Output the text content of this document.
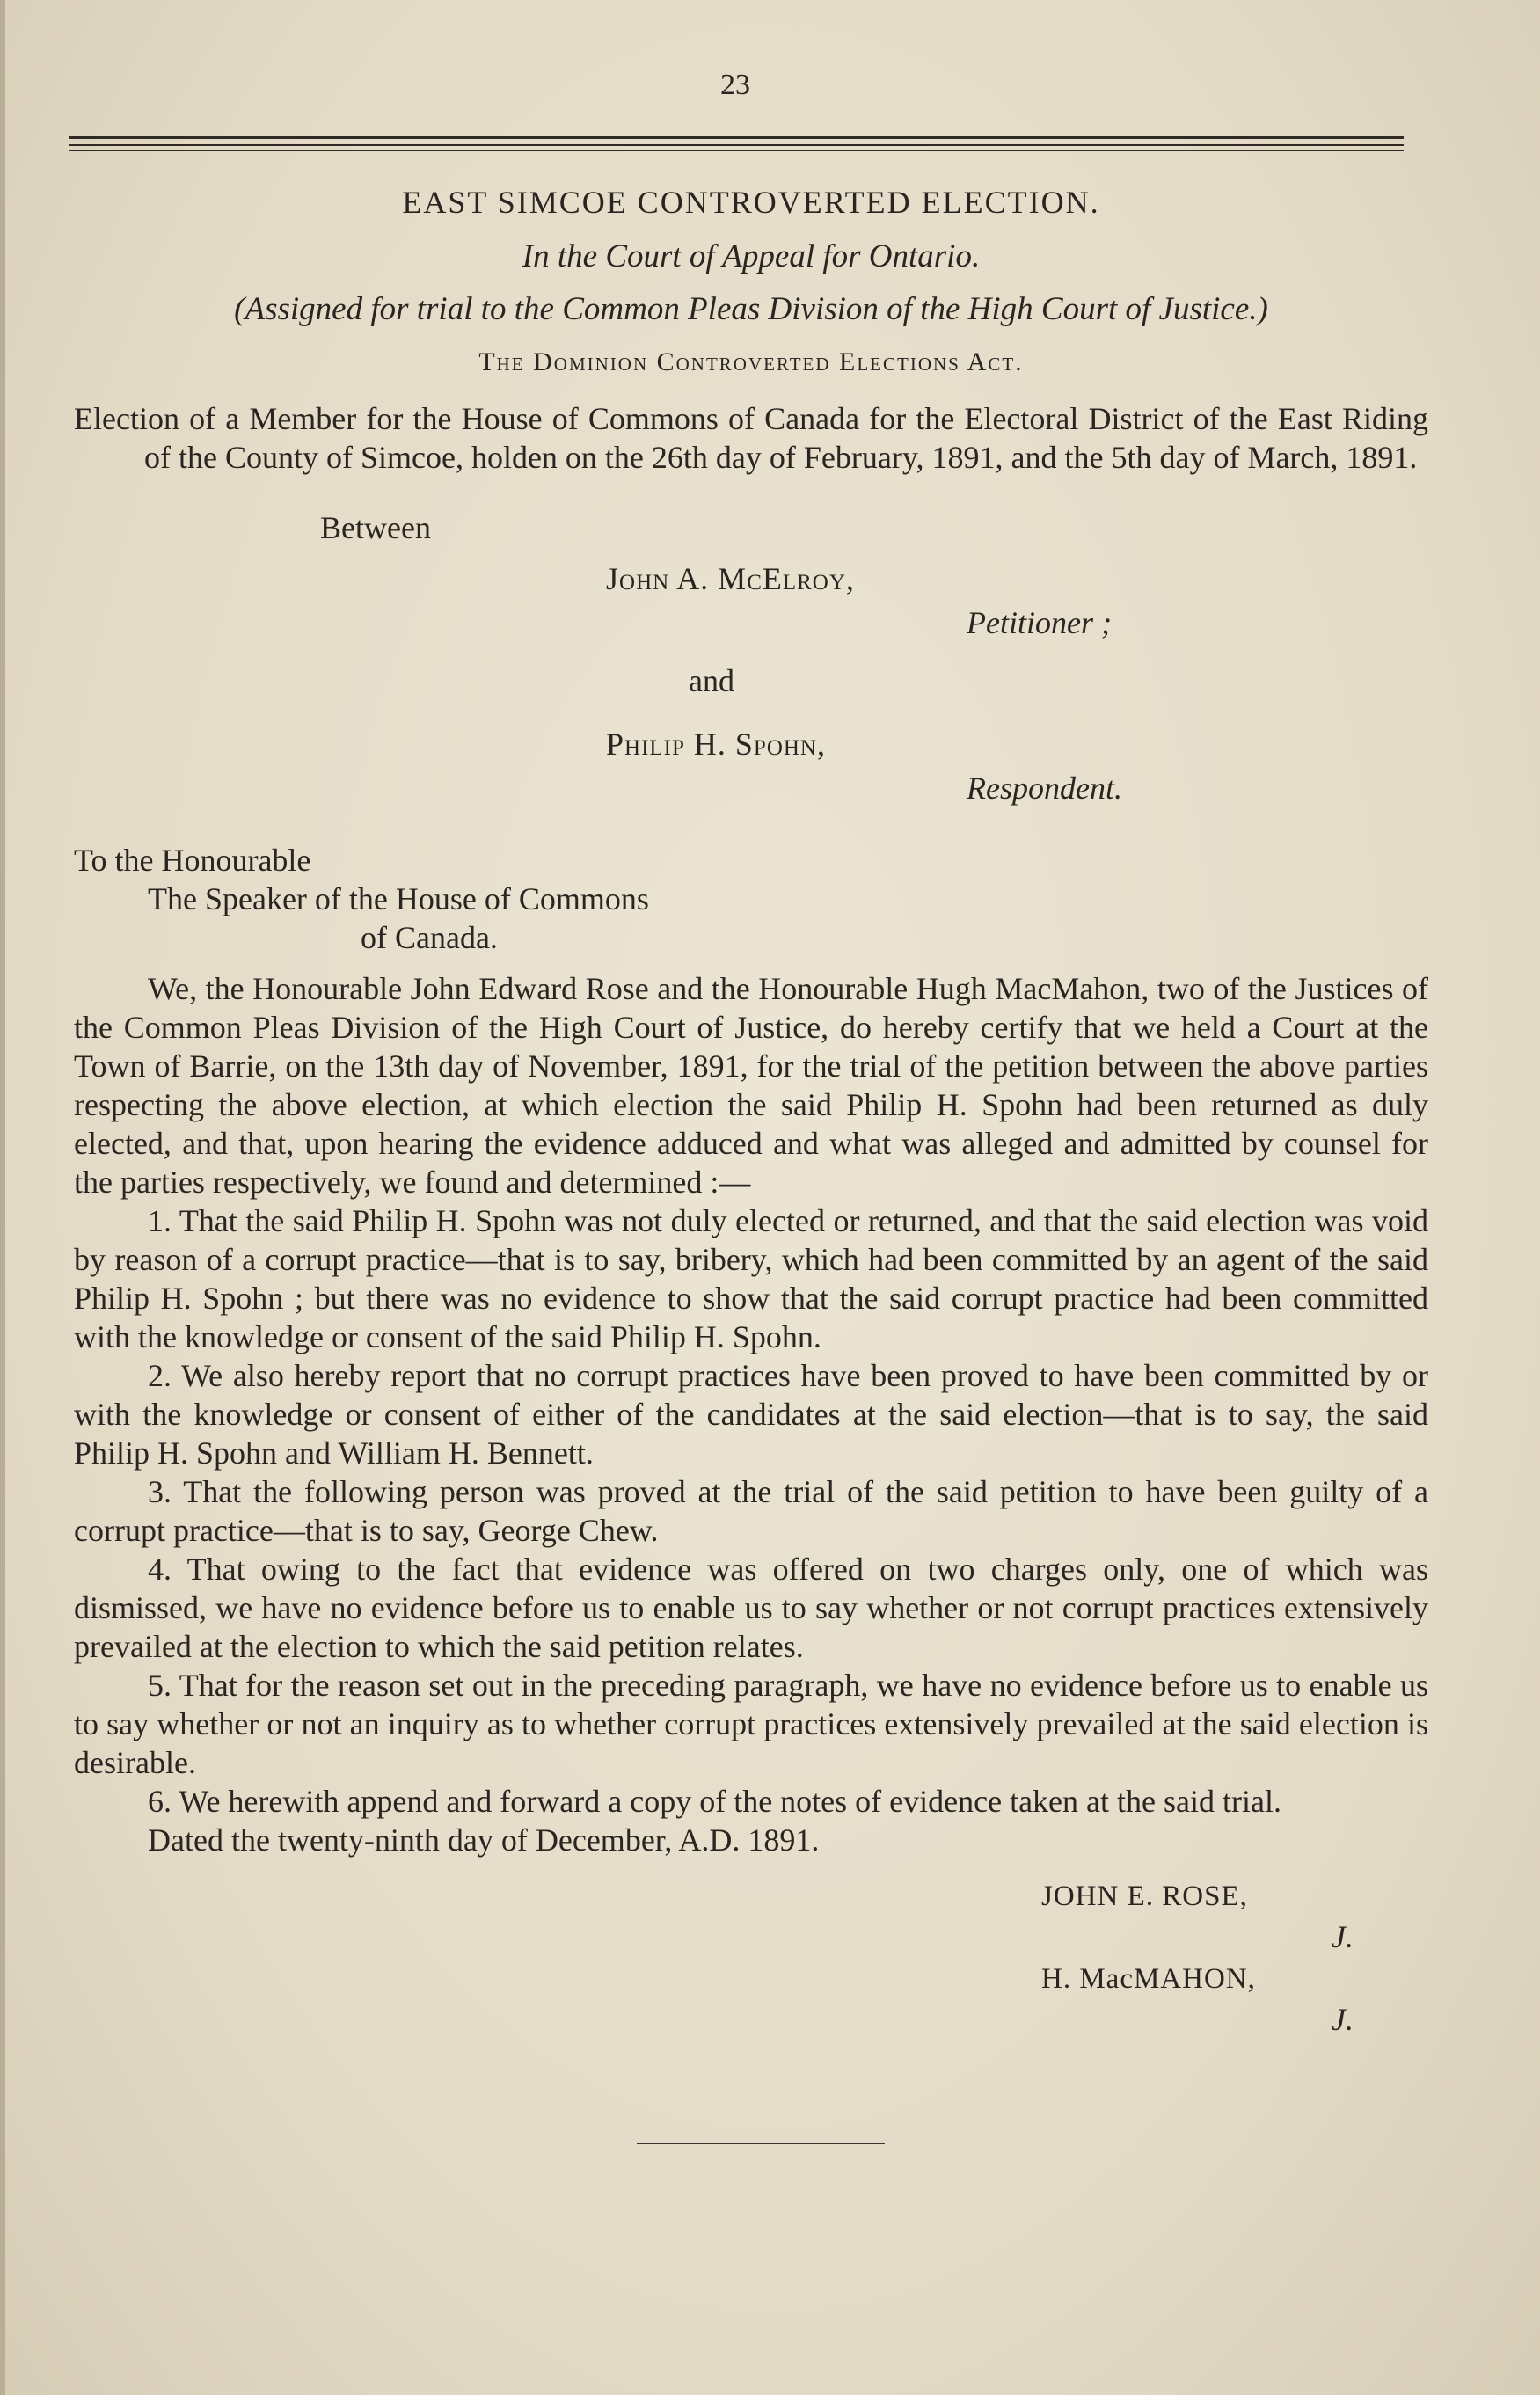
23
EAST SIMCOE CONTROVERTED ELECTION.
In the Court of Appeal for Ontario.
(Assigned for trial to the Common Pleas Division of the High Court of Justice.)
The Dominion Controverted Elections Act.

Election of a Member for the House of Commons of Canada for the Electoral District of the East Riding of the County of Simcoe, holden on the 26th day of February, 1891, and the 5th day of March, 1891.

Between
John A. McElroy,
Petitioner ;
and
Philip H. Spohn,
Respondent.
To the Honourable
The Speaker of the House of Commons
of Canada.

We, the Honourable John Edward Rose and the Honourable Hugh MacMahon, two of the Justices of the Common Pleas Division of the High Court of Justice, do hereby certify that we held a Court at the Town of Barrie, on the 13th day of November, 1891, for the trial of the petition between the above parties respecting the above election, at which election the said Philip H. Spohn had been returned as duly elected, and that, upon hearing the evidence adduced and what was alleged and admitted by counsel for the parties respectively, we found and determined :—

1. That the said Philip H. Spohn was not duly elected or returned, and that the said election was void by reason of a corrupt practice—that is to say, bribery, which had been committed by an agent of the said Philip H. Spohn ; but there was no evidence to show that the said corrupt practice had been committed with the knowledge or consent of the said Philip H. Spohn.

2. We also hereby report that no corrupt practices have been proved to have been committed by or with the knowledge or consent of either of the candidates at the said election—that is to say, the said Philip H. Spohn and William H. Bennett.

3. That the following person was proved at the trial of the said petition to have been guilty of a corrupt practice—that is to say, George Chew.

4. That owing to the fact that evidence was offered on two charges only, one of which was dismissed, we have no evidence before us to enable us to say whether or not corrupt practices extensively prevailed at the election to which the said petition relates.

5. That for the reason set out in the preceding paragraph, we have no evidence before us to enable us to say whether or not an inquiry as to whether corrupt practices extensively prevailed at the said election is desirable.

6. We herewith append and forward a copy of the notes of evidence taken at the said trial.

Dated the twenty-ninth day of December, A.D. 1891.

JOHN E. ROSE,
J.
H. MacMAHON,
J.
